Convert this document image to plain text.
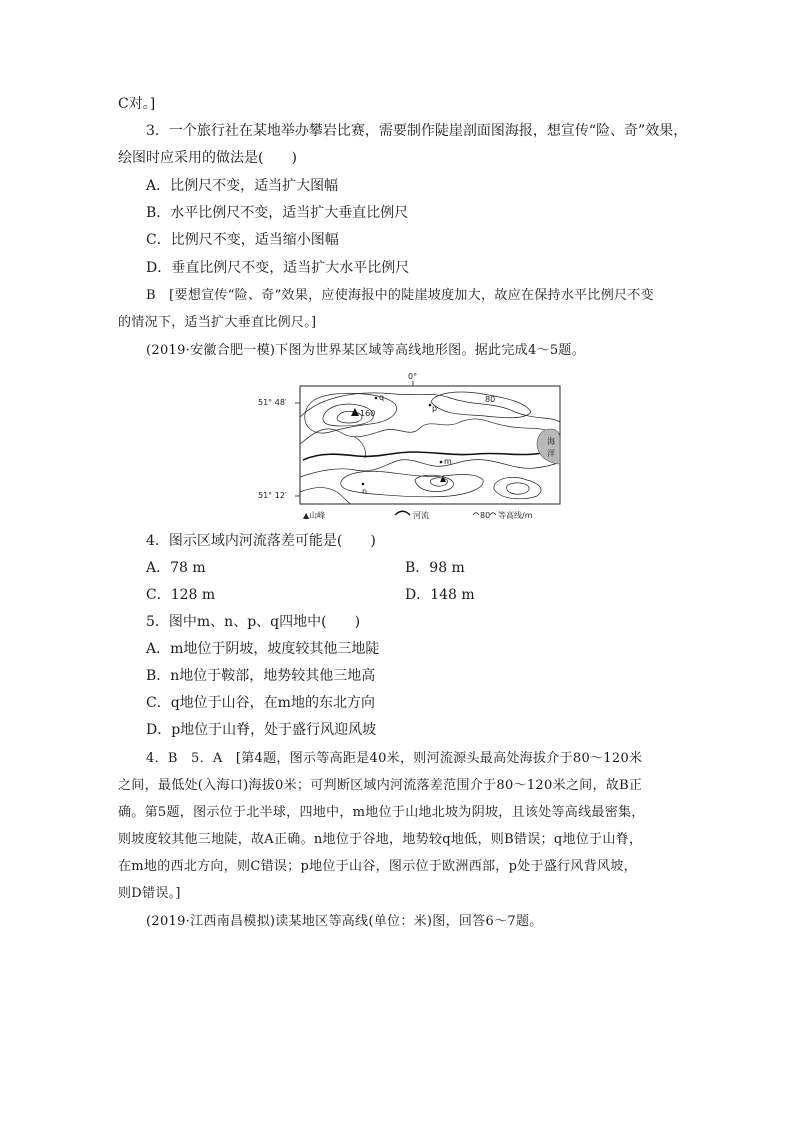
C对。]
3．一个旅行社在某地举办攀岩比赛，需要制作陡崖剖面图海报，想宣传“险、奇”效果，
绘图时应采用的做法是(　　)
A．比例尺不变，适当扩大图幅
B．水平比例尺不变，适当扩大垂直比例尺
C．比例尺不变，适当缩小图幅
D．垂直比例尺不变，适当扩大水平比例尺
B　[要想宣传“险、奇”效果，应使海报中的陡崖坡度加大，故应在保持水平比例尺不变
的情况下，适当扩大垂直比例尺。]
(2019·安徽合肥一模)下图为世界某区域等高线地形图。据此完成4～5题。
0°
51° 48′
51° 12′
海
洋
160
80
q
p
m
n
▲山峰	河流	80 等高线/m
4．图示区域内河流落差可能是(　　)
A．78 m	B．98 m
C．128 m	D．148 m
5．图中m、n、p、q四地中(　　)
A．m地位于阴坡，坡度较其他三地陡
B．n地位于鞍部，地势较其他三地高
C．q地位于山谷，在m地的东北方向
D．p地位于山脊，处于盛行风迎风坡
4．B　5．A　[第4题，图示等高距是40米，则河流源头最高处海拔介于80～120米
之间，最低处(入海口)海拔0米；可判断区域内河流落差范围介于80～120米之间，故B正
确。第5题，图示位于北半球，四地中，m地位于山地北坡为阴坡，且该处等高线最密集，
则坡度较其他三地陡，故A正确。n地位于谷地，地势较q地低，则B错误；q地位于山脊，
在m地的西北方向，则C错误；p地位于山谷，图示位于欧洲西部，p处于盛行风背风坡，
则D错误。]
(2019·江西南昌模拟)读某地区等高线(单位：米)图，回答6～7题。
